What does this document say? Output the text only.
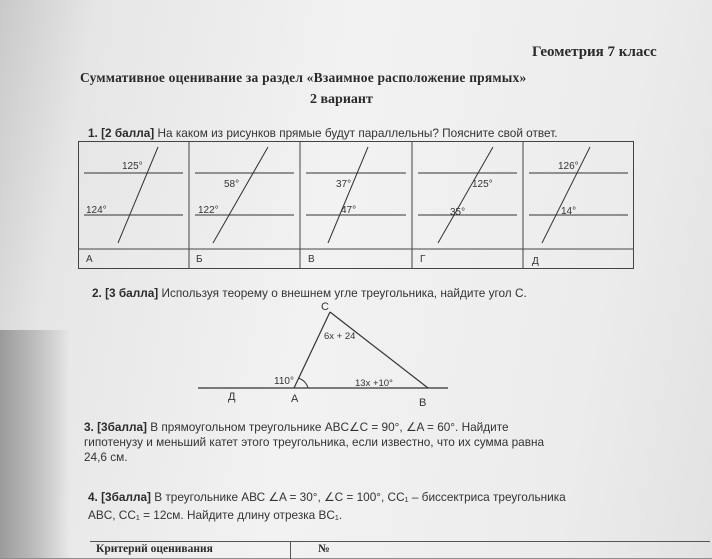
Геометрия 7 класс
Суммативное оценивание за раздел «Взаимное расположение прямых»
2 вариант
1. [2 балла] На каком из рисунков прямые будут параллельны? Поясните свой ответ.
125°
124°
А
58°
122°
Б
37°
47°
В
125°
35°
Г
126°
14°
Д
2. [3 балла] Используя теорему о внешнем угле треугольника, найдите угол С.
С
6x + 24
110°	13x +10°
Д	А	В
3. [3балла] В прямоугольном треугольнике ABC∠C = 90°, ∠A = 60°. Найдите
гипотенузу и меньший катет этого треугольника, если известно, что их сумма равна
24,6 см.
4. [3балла] В треугольнике АВС ∠A = 30°, ∠C = 100°, CC₁ – биссектриса треугольника
ABC, CC₁ = 12см. Найдите длину отрезка BC₁.
Критерий оценивания	№
